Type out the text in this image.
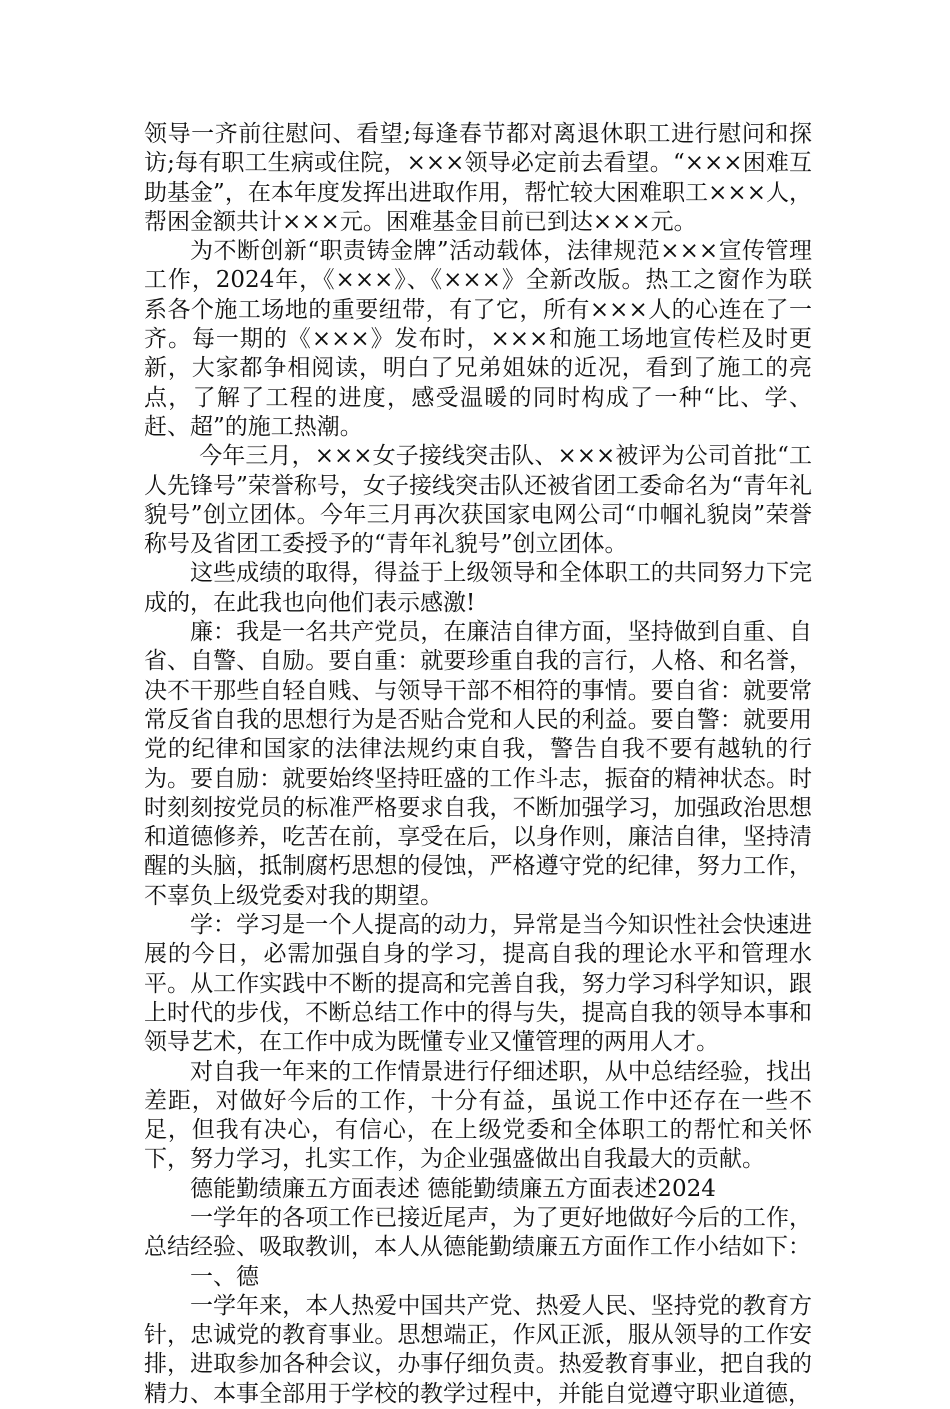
领导一齐前往慰问、看望;每逢春节都对离退休职工进行慰问和探访;每有职工生病或住院，×××领导必定前去看望。“×××困难互助基金”，在本年度发挥出进取作用，帮忙较大困难职工×××人，帮困金额共计×××元。困难基金目前已到达×××元。

为不断创新“职责铸金牌”活动载体，法律规范×××宣传管理工作，2024年，《×××》、《×××》全新改版。热工之窗作为联系各个施工场地的重要纽带，有了它，所有×××人的心连在了一齐。每一期的《×××》发布时，×××和施工场地宣传栏及时更新，大家都争相阅读，明白了兄弟姐妹的近况，看到了施工的亮点，了解了工程的进度，感受温暖的同时构成了一种“比、学、赶、超”的施工热潮。

今年三月，×××女子接线突击队、×××被评为公司首批“工人先锋号”荣誉称号，女子接线突击队还被省团工委命名为“青年礼貌号”创立团体。今年三月再次获国家电网公司“巾帼礼貌岗”荣誉称号及省团工委授予的“青年礼貌号”创立团体。

这些成绩的取得，得益于上级领导和全体职工的共同努力下完成的，在此我也向他们表示感激!

廉：我是一名共产党员，在廉洁自律方面，坚持做到自重、自省、自警、自励。要自重：就要珍重自我的言行，人格、和名誉，决不干那些自轻自贱、与领导干部不相符的事情。要自省：就要常常反省自我的思想行为是否贴合党和人民的利益。要自警：就要用党的纪律和国家的法律法规约束自我，警告自我不要有越轨的行为。要自励：就要始终坚持旺盛的工作斗志，振奋的精神状态。时时刻刻按党员的标准严格要求自我，不断加强学习，加强政治思想和道德修养，吃苦在前，享受在后，以身作则，廉洁自律，坚持清醒的头脑，抵制腐朽思想的侵蚀，严格遵守党的纪律，努力工作，不辜负上级党委对我的期望。

学：学习是一个人提高的动力，异常是当今知识性社会快速进展的今日，必需加强自身的学习，提高自我的理论水平和管理水平。从工作实践中不断的提高和完善自我，努力学习科学知识，跟上时代的步伐，不断总结工作中的得与失，提高自我的领导本事和领导艺术，在工作中成为既懂专业又懂管理的两用人才。

对自我一年来的工作情景进行仔细述职，从中总结经验，找出差距，对做好今后的工作，十分有益，虽说工作中还存在一些不足，但我有决心，有信心，在上级党委和全体职工的帮忙和关怀下，努力学习，扎实工作，为企业强盛做出自我最大的贡献。

德能勤绩廉五方面表述 德能勤绩廉五方面表述2024

一学年的各项工作已接近尾声，为了更好地做好今后的工作，总结经验、吸取教训，本人从德能勤绩廉五方面作工作小结如下：

一、德

一学年来，本人热爱中国共产党、热爱人民、坚持党的教育方针，忠诚党的教育事业。思想端正，作风正派，服从领导的工作安排，进取参加各种会议，办事仔细负责。热爱教育事业，把自我的精力、本事全部用于学校的教学过程中，并能自觉遵守职业道德，
